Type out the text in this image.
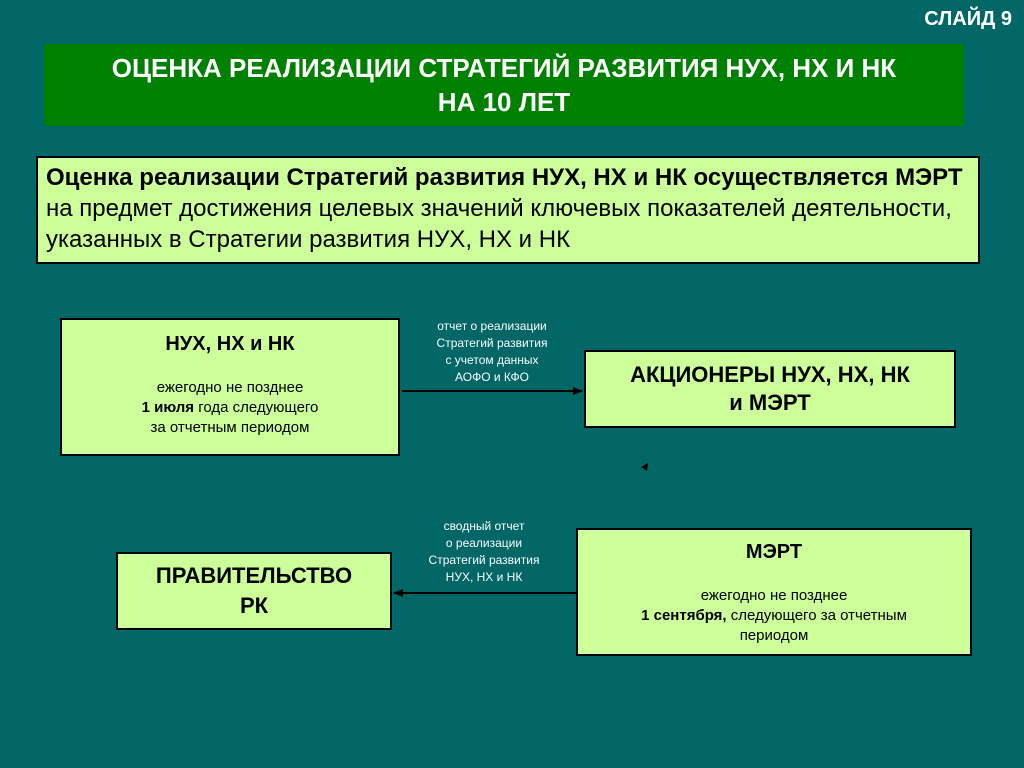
СЛАЙД 9
ОЦЕНКА РЕАЛИЗАЦИИ СТРАТЕГИЙ РАЗВИТИЯ НУХ, НХ И НК
НА 10 ЛЕТ
Оценка реализации Стратегий развития НУХ, НХ и НК осуществляется МЭРТ на предмет достижения целевых значений ключевых показателей деятельности, указанных в Стратегии развития НУХ, НХ и НК
НУХ, НХ и НК
ежегодно не позднее
1 июля года следующего
за отчетным периодом
АКЦИОНЕРЫ НУХ, НХ, НК
и МЭРТ
ПРАВИТЕЛЬСТВО
РК
МЭРТ
ежегодно не позднее
1 сентября, следующего за отчетным
периодом
отчет о реализации
Стратегий развития
с учетом данных
АОФО и КФО
сводный отчет
о реализации
Стратегий развития
НУХ, НХ и НК
